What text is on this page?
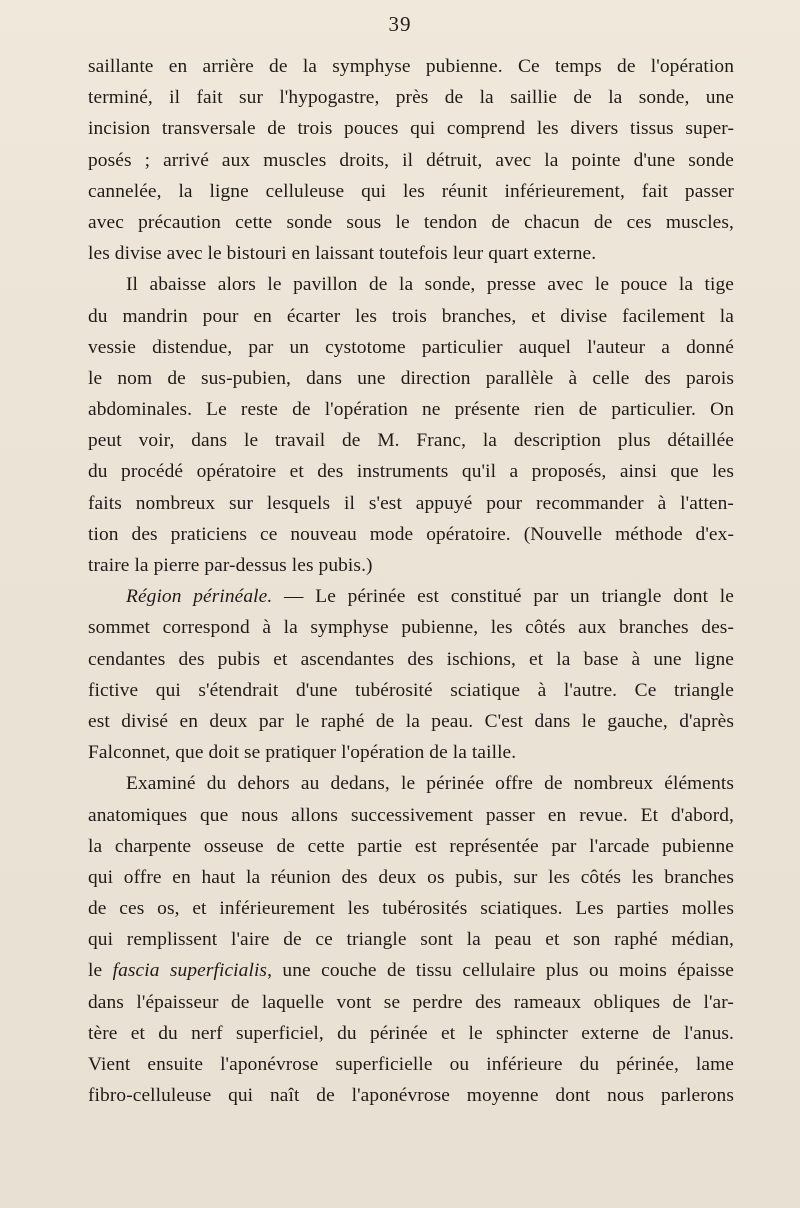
39
saillante en arrière de la symphyse pubienne. Ce temps de l'opération
terminé, il fait sur l'hypogastre, près de la saillie de la sonde, une
incision transversale de trois pouces qui comprend les divers tissus super-
posés ; arrivé aux muscles droits, il détruit, avec la pointe d'une sonde
cannelée, la ligne celluleuse qui les réunit inférieurement, fait passer
avec précaution cette sonde sous le tendon de chacun de ces muscles,
les divise avec le bistouri en laissant toutefois leur quart externe.
Il abaisse alors le pavillon de la sonde, presse avec le pouce la tige
du mandrin pour en écarter les trois branches, et divise facilement la
vessie distendue, par un cystotome particulier auquel l'auteur a donné
le nom de sus-pubien, dans une direction parallèle à celle des parois
abdominales. Le reste de l'opération ne présente rien de particulier. On
peut voir, dans le travail de M. Franc, la description plus détaillée
du procédé opératoire et des instruments qu'il a proposés, ainsi que les
faits nombreux sur lesquels il s'est appuyé pour recommander à l'atten-
tion des praticiens ce nouveau mode opératoire. (Nouvelle méthode d'ex-
traire la pierre par-dessus les pubis.)
Région périnéale. — Le périnée est constitué par un triangle dont le
sommet correspond à la symphyse pubienne, les côtés aux branches des-
cendantes des pubis et ascendantes des ischions, et la base à une ligne
fictive qui s'étendrait d'une tubérosité sciatique à l'autre. Ce triangle
est divisé en deux par le raphé de la peau. C'est dans le gauche, d'après
Falconnet, que doit se pratiquer l'opération de la taille.
Examiné du dehors au dedans, le périnée offre de nombreux éléments
anatomiques que nous allons successivement passer en revue. Et d'abord,
la charpente osseuse de cette partie est représentée par l'arcade pubienne
qui offre en haut la réunion des deux os pubis, sur les côtés les branches
de ces os, et inférieurement les tubérosités sciatiques. Les parties molles
qui remplissent l'aire de ce triangle sont la peau et son raphé médian,
le fascia superficialis, une couche de tissu cellulaire plus ou moins épaisse
dans l'épaisseur de laquelle vont se perdre des rameaux obliques de l'ar-
tère et du nerf superficiel, du périnée et le sphincter externe de l'anus.
Vient ensuite l'aponévrose superficielle ou inférieure du périnée, lame
fibro-celluleuse qui naît de l'aponévrose moyenne dont nous parlerons
